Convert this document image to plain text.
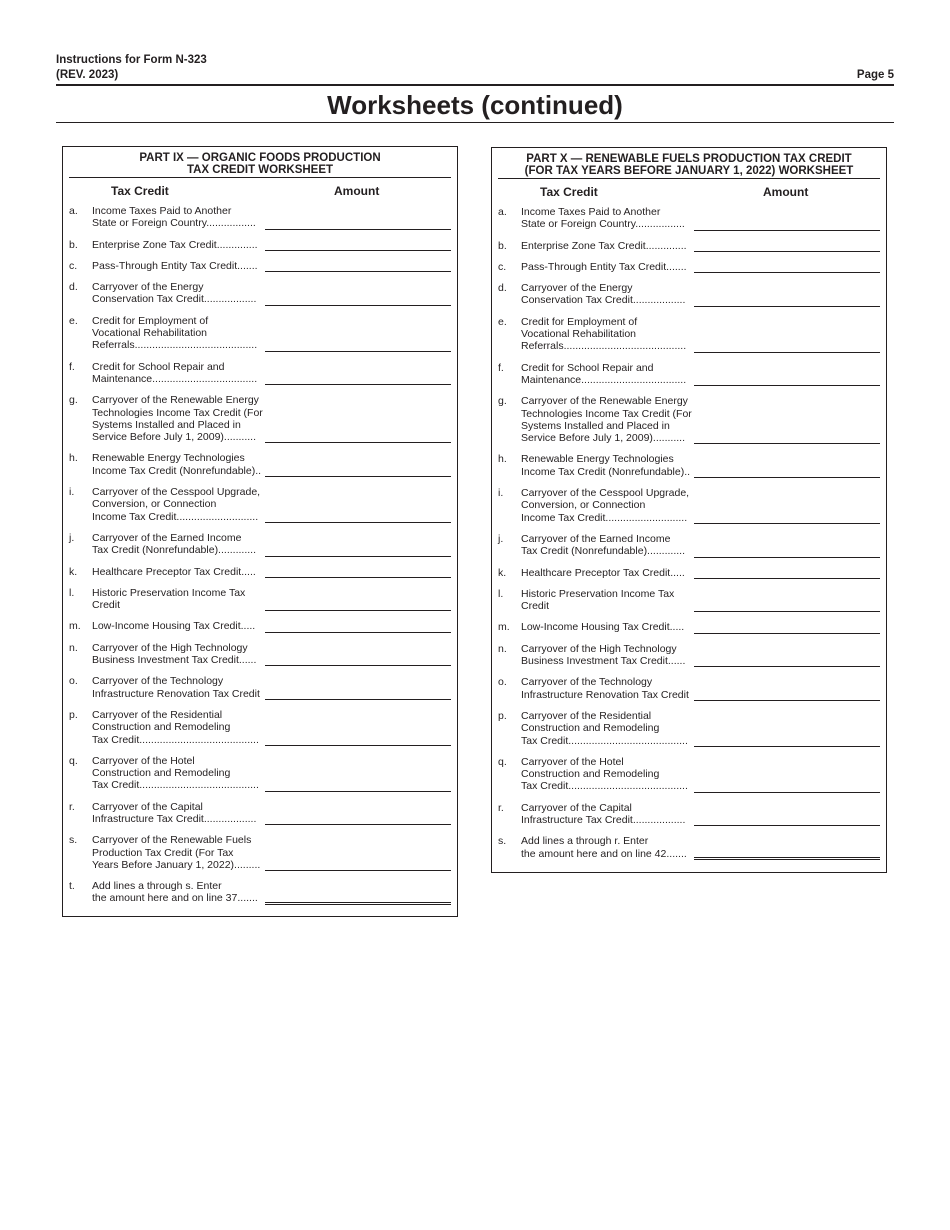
Instructions for Form N-323
(REV. 2023)	Page 5
Worksheets (continued)
PART IX — ORGANIC FOODS PRODUCTION
TAX CREDIT WORKSHEET
Tax Credit	Amount
a. Income Taxes Paid to Another
State or Foreign Country.................
b. Enterprise Zone Tax Credit..............
c. Pass-Through Entity Tax Credit.......
d. Carryover of the Energy
Conservation Tax Credit..................
e. Credit for Employment of
Vocational Rehabilitation
Referrals..........................................
f. Credit for School Repair and
Maintenance....................................
g. Carryover of the Renewable Energy
Technologies Income Tax Credit (For
Systems Installed and Placed in
Service Before July 1, 2009)...........
h. Renewable Energy Technologies
Income Tax Credit (Nonrefundable)..
i. Carryover of the Cesspool Upgrade,
Conversion, or Connection
Income Tax Credit............................
j. Carryover of the Earned Income
Tax Credit (Nonrefundable).............
k. Healthcare Preceptor Tax Credit.....
l. Historic Preservation Income Tax Credit
m. Low-Income Housing Tax Credit.....
n. Carryover of the High Technology
Business Investment Tax Credit......
o. Carryover of the Technology
Infrastructure Renovation Tax Credit
p. Carryover of the Residential
Construction and Remodeling
Tax Credit.........................................
q. Carryover of the Hotel
Construction and Remodeling
Tax Credit.........................................
r. Carryover of the Capital
Infrastructure Tax Credit..................
s. Carryover of the Renewable Fuels
Production Tax Credit (For Tax
Years Before January 1, 2022).........
t. Add lines a through s. Enter
the amount here and on line 37.......
PART X — RENEWABLE FUELS PRODUCTION TAX CREDIT
(FOR TAX YEARS BEFORE JANUARY 1, 2022) WORKSHEET
Tax Credit	Amount
a. Income Taxes Paid to Another
State or Foreign Country.................
b. Enterprise Zone Tax Credit..............
c. Pass-Through Entity Tax Credit.......
d. Carryover of the Energy
Conservation Tax Credit..................
e. Credit for Employment of
Vocational Rehabilitation
Referrals..........................................
f. Credit for School Repair and
Maintenance....................................
g. Carryover of the Renewable Energy
Technologies Income Tax Credit (For
Systems Installed and Placed in
Service Before July 1, 2009)...........
h. Renewable Energy Technologies
Income Tax Credit (Nonrefundable)..
i. Carryover of the Cesspool Upgrade,
Conversion, or Connection
Income Tax Credit............................
j. Carryover of the Earned Income
Tax Credit (Nonrefundable).............
k. Healthcare Preceptor Tax Credit.....
l. Historic Preservation Income Tax Credit
m. Low-Income Housing Tax Credit.....
n. Carryover of the High Technology
Business Investment Tax Credit......
o. Carryover of the Technology
Infrastructure Renovation Tax Credit
p. Carryover of the Residential
Construction and Remodeling
Tax Credit.........................................
q. Carryover of the Hotel
Construction and Remodeling
Tax Credit.........................................
r. Carryover of the Capital
Infrastructure Tax Credit..................
s. Add lines a through r. Enter
the amount here and on line 42.......
